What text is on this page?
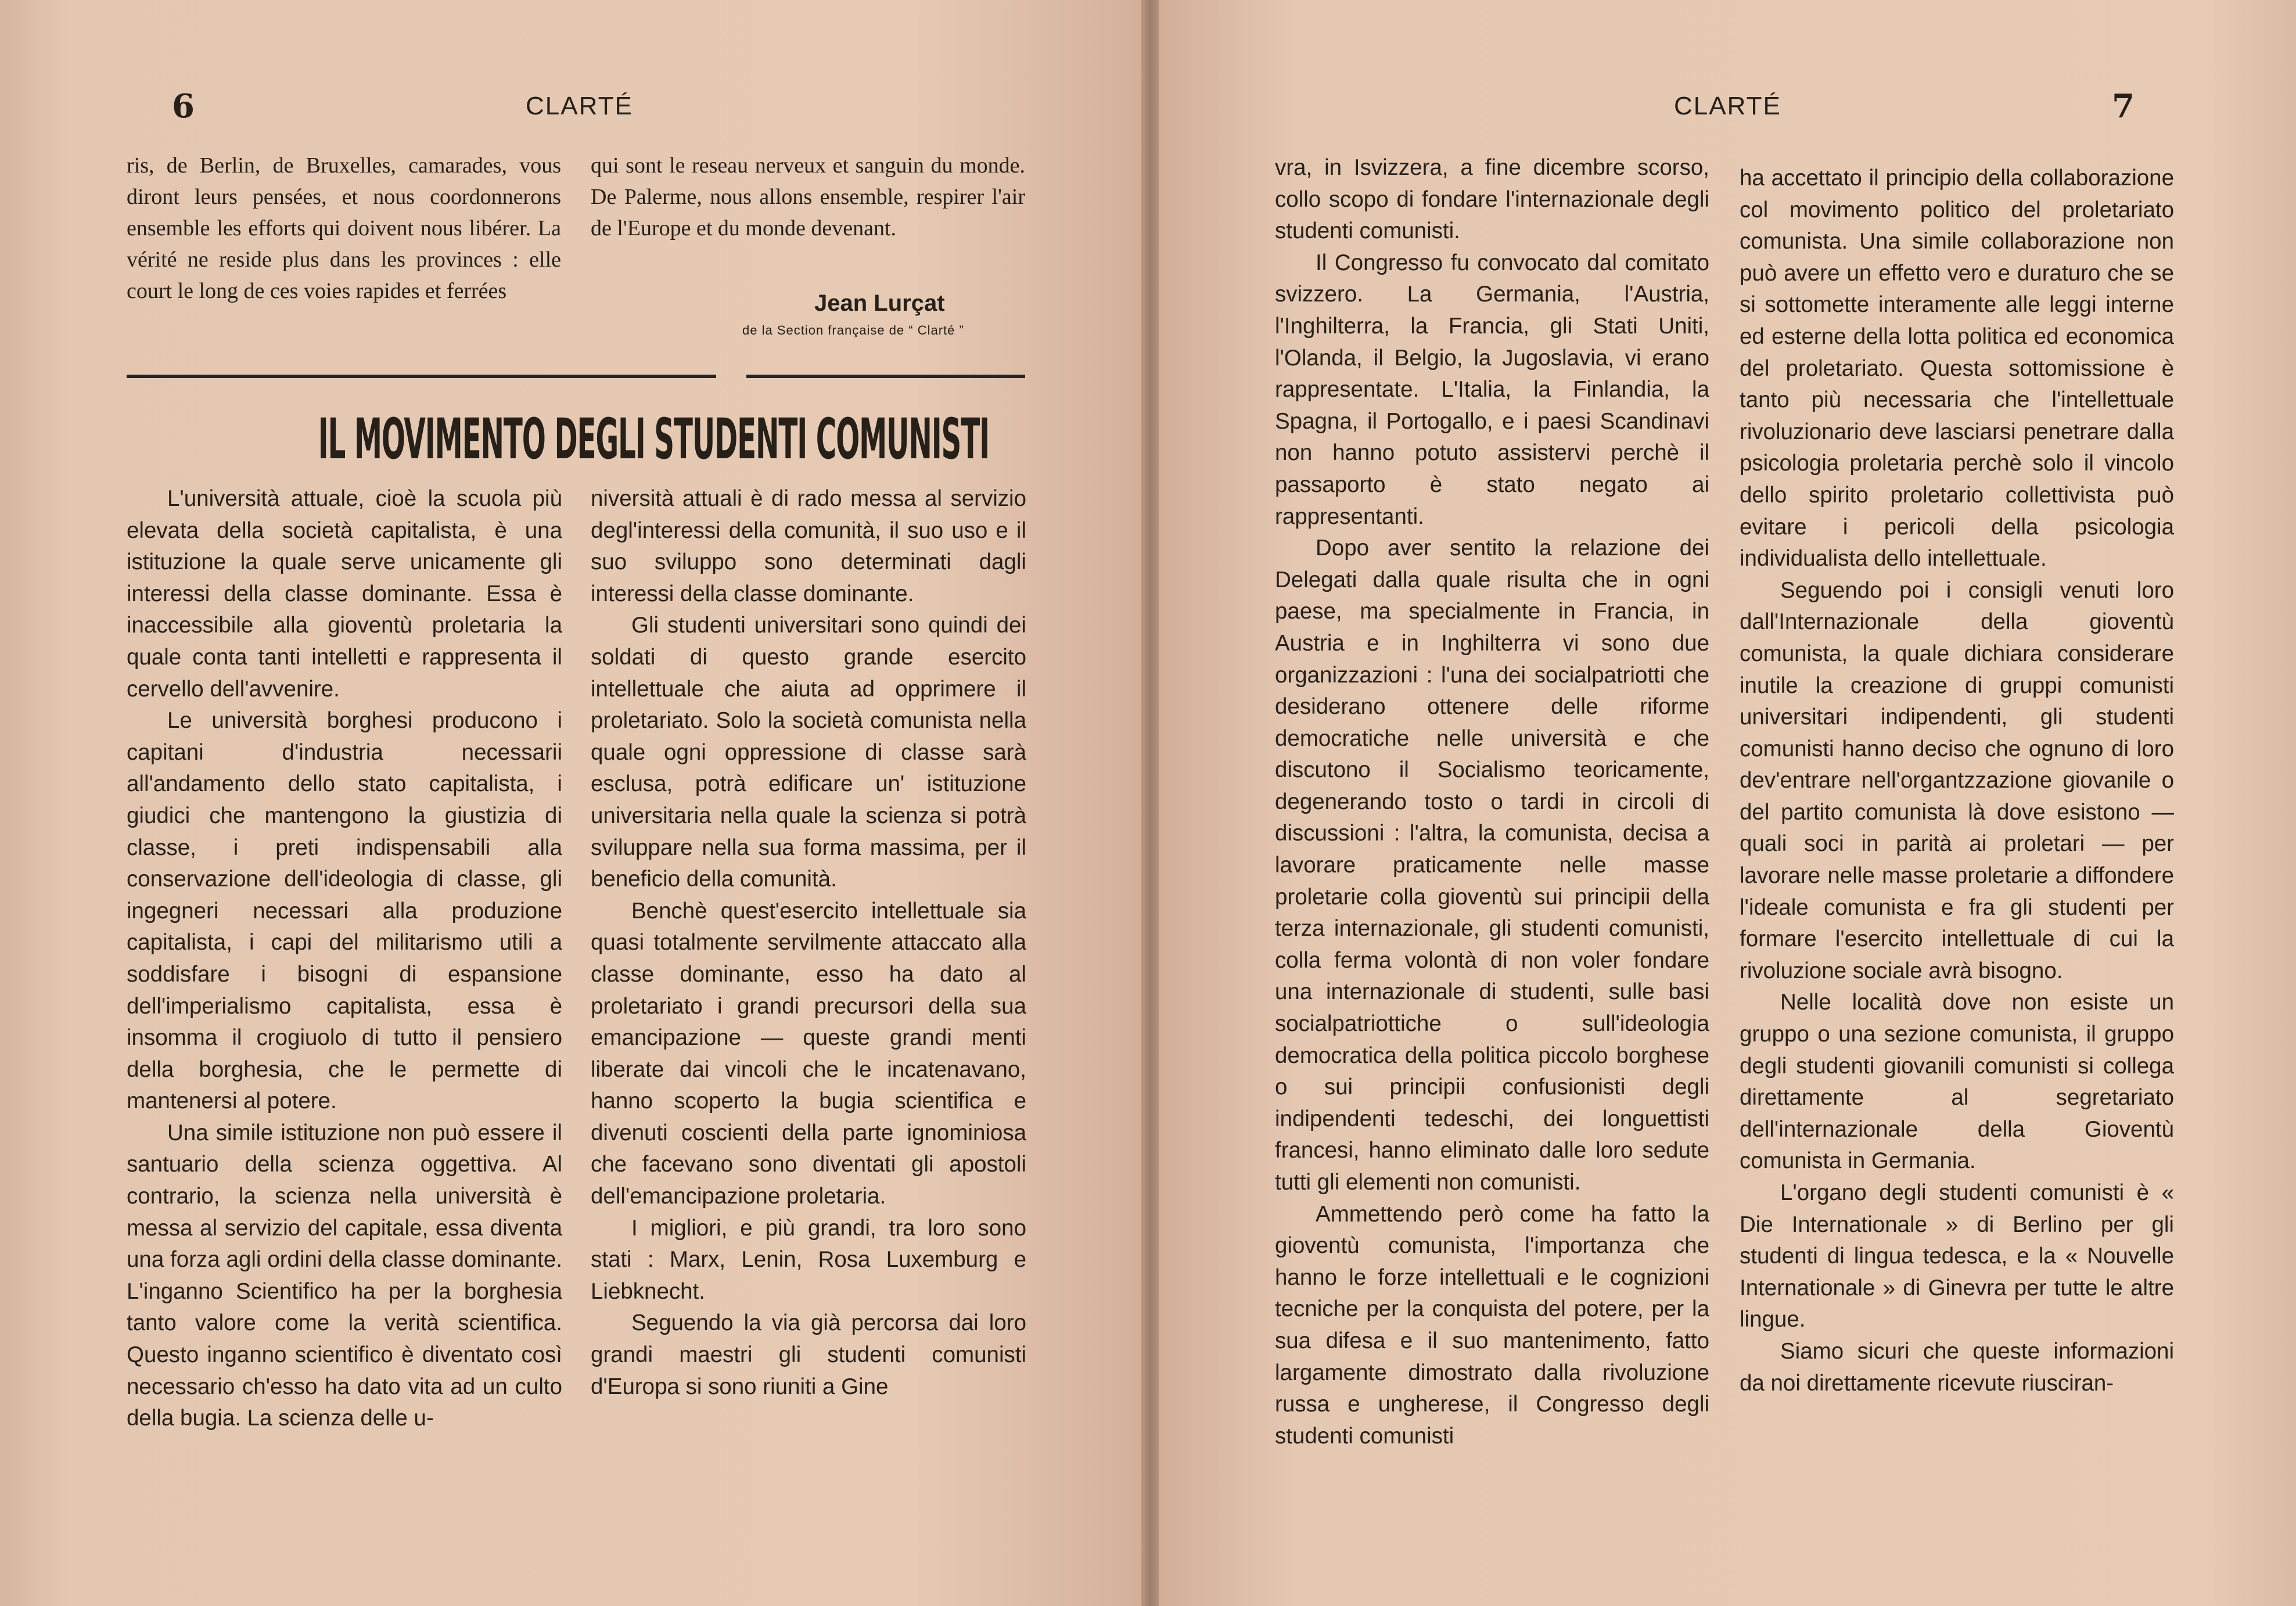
6	CLARTÉ

ris, de Berlin, de Bruxelles, camarades, vous diront leurs pensées, et nous coordonnerons ensemble les efforts qui doivent nous libérer. La vérité ne reside plus dans les provinces : elle court le long de ces voies rapides et ferrées

qui sont le reseau nerveux et sanguin du monde. De Palerme, nous allons ensemble, respirer l'air de l'Europe et du monde devenant.

Jean Lurçat
de la Section française de “ Clarté ”
IL MOVIMENTO DEGLI STUDENTI COMUNISTI

L'università attuale, cioè la scuola più elevata della società capitalista, è una istituzione la quale serve unicamente gli interessi della classe dominante. Essa è inaccessibile alla gioventù proletaria la quale conta tanti intelletti e rappresenta il cervello dell'avvenire.

Le università borghesi producono i capitani d'industria necessarii all'andamento dello stato capitalista, i giudici che mantengono la giustizia di classe, i preti indispensabili alla conservazione dell'ideologia di classe, gli ingegneri necessari alla produzione capitalista, i capi del militarismo utili a soddisfare i bisogni di espansione dell'imperialismo capitalista, essa è insomma il crogiuolo di tutto il pensiero della borghesia, che le permette di mantenersi al potere.

Una simile istituzione non può essere il santuario della scienza oggettiva. Al contrario, la scienza nella università è messa al servizio del capitale, essa diventa una forza agli ordini della classe dominante. L'inganno Scientifico ha per la borghesia tanto valore come la verità scientifica. Questo inganno scientifico è diventato così necessario ch'esso ha dato vita ad un culto della bugia. La scienza delle u-

niversità attuali è di rado messa al servizio degl'interessi della comunità, il suo uso e il suo sviluppo sono determinati dagli interessi della classe dominante.

Gli studenti universitari sono quindi dei soldati di questo grande esercito intellettuale che aiuta ad opprimere il proletariato. Solo la società comunista nella quale ogni oppressione di classe sarà esclusa, potrà edificare un' istituzione universitaria nella quale la scienza si potrà sviluppare nella sua forma massima, per il beneficio della comunità.

Benchè quest'esercito intellettuale sia quasi totalmente servilmente attaccato alla classe dominante, esso ha dato al proletariato i grandi precursori della sua emancipazione — queste grandi menti liberate dai vincoli che le incatenavano, hanno scoperto la bugia scientifica e divenuti coscienti della parte ignominiosa che facevano sono diventati gli apostoli dell'emancipazione proletaria.

I migliori, e più grandi, tra loro sono stati : Marx, Lenin, Rosa Luxemburg e Liebknecht.

Seguendo la via già percorsa dai loro grandi maestri gli studenti comunisti d'Europa si sono riuniti a Gine

CLARTÉ	7

vra, in Isvizzera, a fine dicembre scorso, collo scopo di fondare l'internazionale degli studenti comunisti.

Il Congresso fu convocato dal comitato svizzero. La Germania, l'Austria, l'Inghilterra, la Francia, gli Stati Uniti, l'Olanda, il Belgio, la Jugoslavia, vi erano rappresentate. L'Italia, la Finlandia, la Spagna, il Portogallo, e i paesi Scandinavi non hanno potuto assistervi perchè il passaporto è stato negato ai rappresentanti.

Dopo aver sentito la relazione dei Delegati dalla quale risulta che in ogni paese, ma specialmente in Francia, in Austria e in Inghilterra vi sono due organizzazioni : l'una dei socialpatriotti che desiderano ottenere delle riforme democratiche nelle università e che discutono il Socialismo teoricamente, degenerando tosto o tardi in circoli di discussioni : l'altra, la comunista, decisa a lavorare praticamente nelle masse proletarie colla gioventù sui principii della terza internazionale, gli studenti comunisti, colla ferma volontà di non voler fondare una internazionale di studenti, sulle basi socialpatriottiche o sull'ideologia democratica della politica piccolo borghese o sui principii confusionisti degli indipendenti tedeschi, dei longuettisti francesi, hanno eliminato dalle loro sedute tutti gli elementi non comunisti.

Ammettendo però come ha fatto la gioventù comunista, l'importanza che hanno le forze intellettuali e le cognizioni tecniche per la conquista del potere, per la sua difesa e il suo mantenimento, fatto largamente dimostrato dalla rivoluzione russa e ungherese, il Congresso degli studenti comunisti

ha accettato il principio della collaborazione col movimento politico del proletariato comunista. Una simile collaborazione non può avere un effetto vero e duraturo che se si sottomette interamente alle leggi interne ed esterne della lotta politica ed economica del proletariato. Questa sottomissione è tanto più necessaria che l'intellettuale rivoluzionario deve lasciarsi penetrare dalla psicologia proletaria perchè solo il vincolo dello spirito proletario collettivista può evitare i pericoli della psicologia individualista dello intellettuale.

Seguendo poi i consigli venuti loro dall'Internazionale della gioventù comunista, la quale dichiara considerare inutile la creazione di gruppi comunisti universitari indipendenti, gli studenti comunisti hanno deciso che ognuno di loro dev'entrare nell'organtzzazione giovanile o del partito comunista là dove esistono — quali soci in parità ai proletari — per lavorare nelle masse proletarie a diffondere l'ideale comunista e fra gli studenti per formare l'esercito intellettuale di cui la rivoluzione sociale avrà bisogno.

Nelle località dove non esiste un gruppo o una sezione comunista, il gruppo degli studenti giovanili comunisti si collega direttamente al segretariato dell'internazionale della Gioventù comunista in Germania.

L'organo degli studenti comunisti è « Die Internationale » di Berlino per gli studenti di lingua tedesca, e la « Nouvelle Internationale » di Ginevra per tutte le altre lingue.

Siamo sicuri che queste informazioni da noi direttamente ricevute riusciran-
